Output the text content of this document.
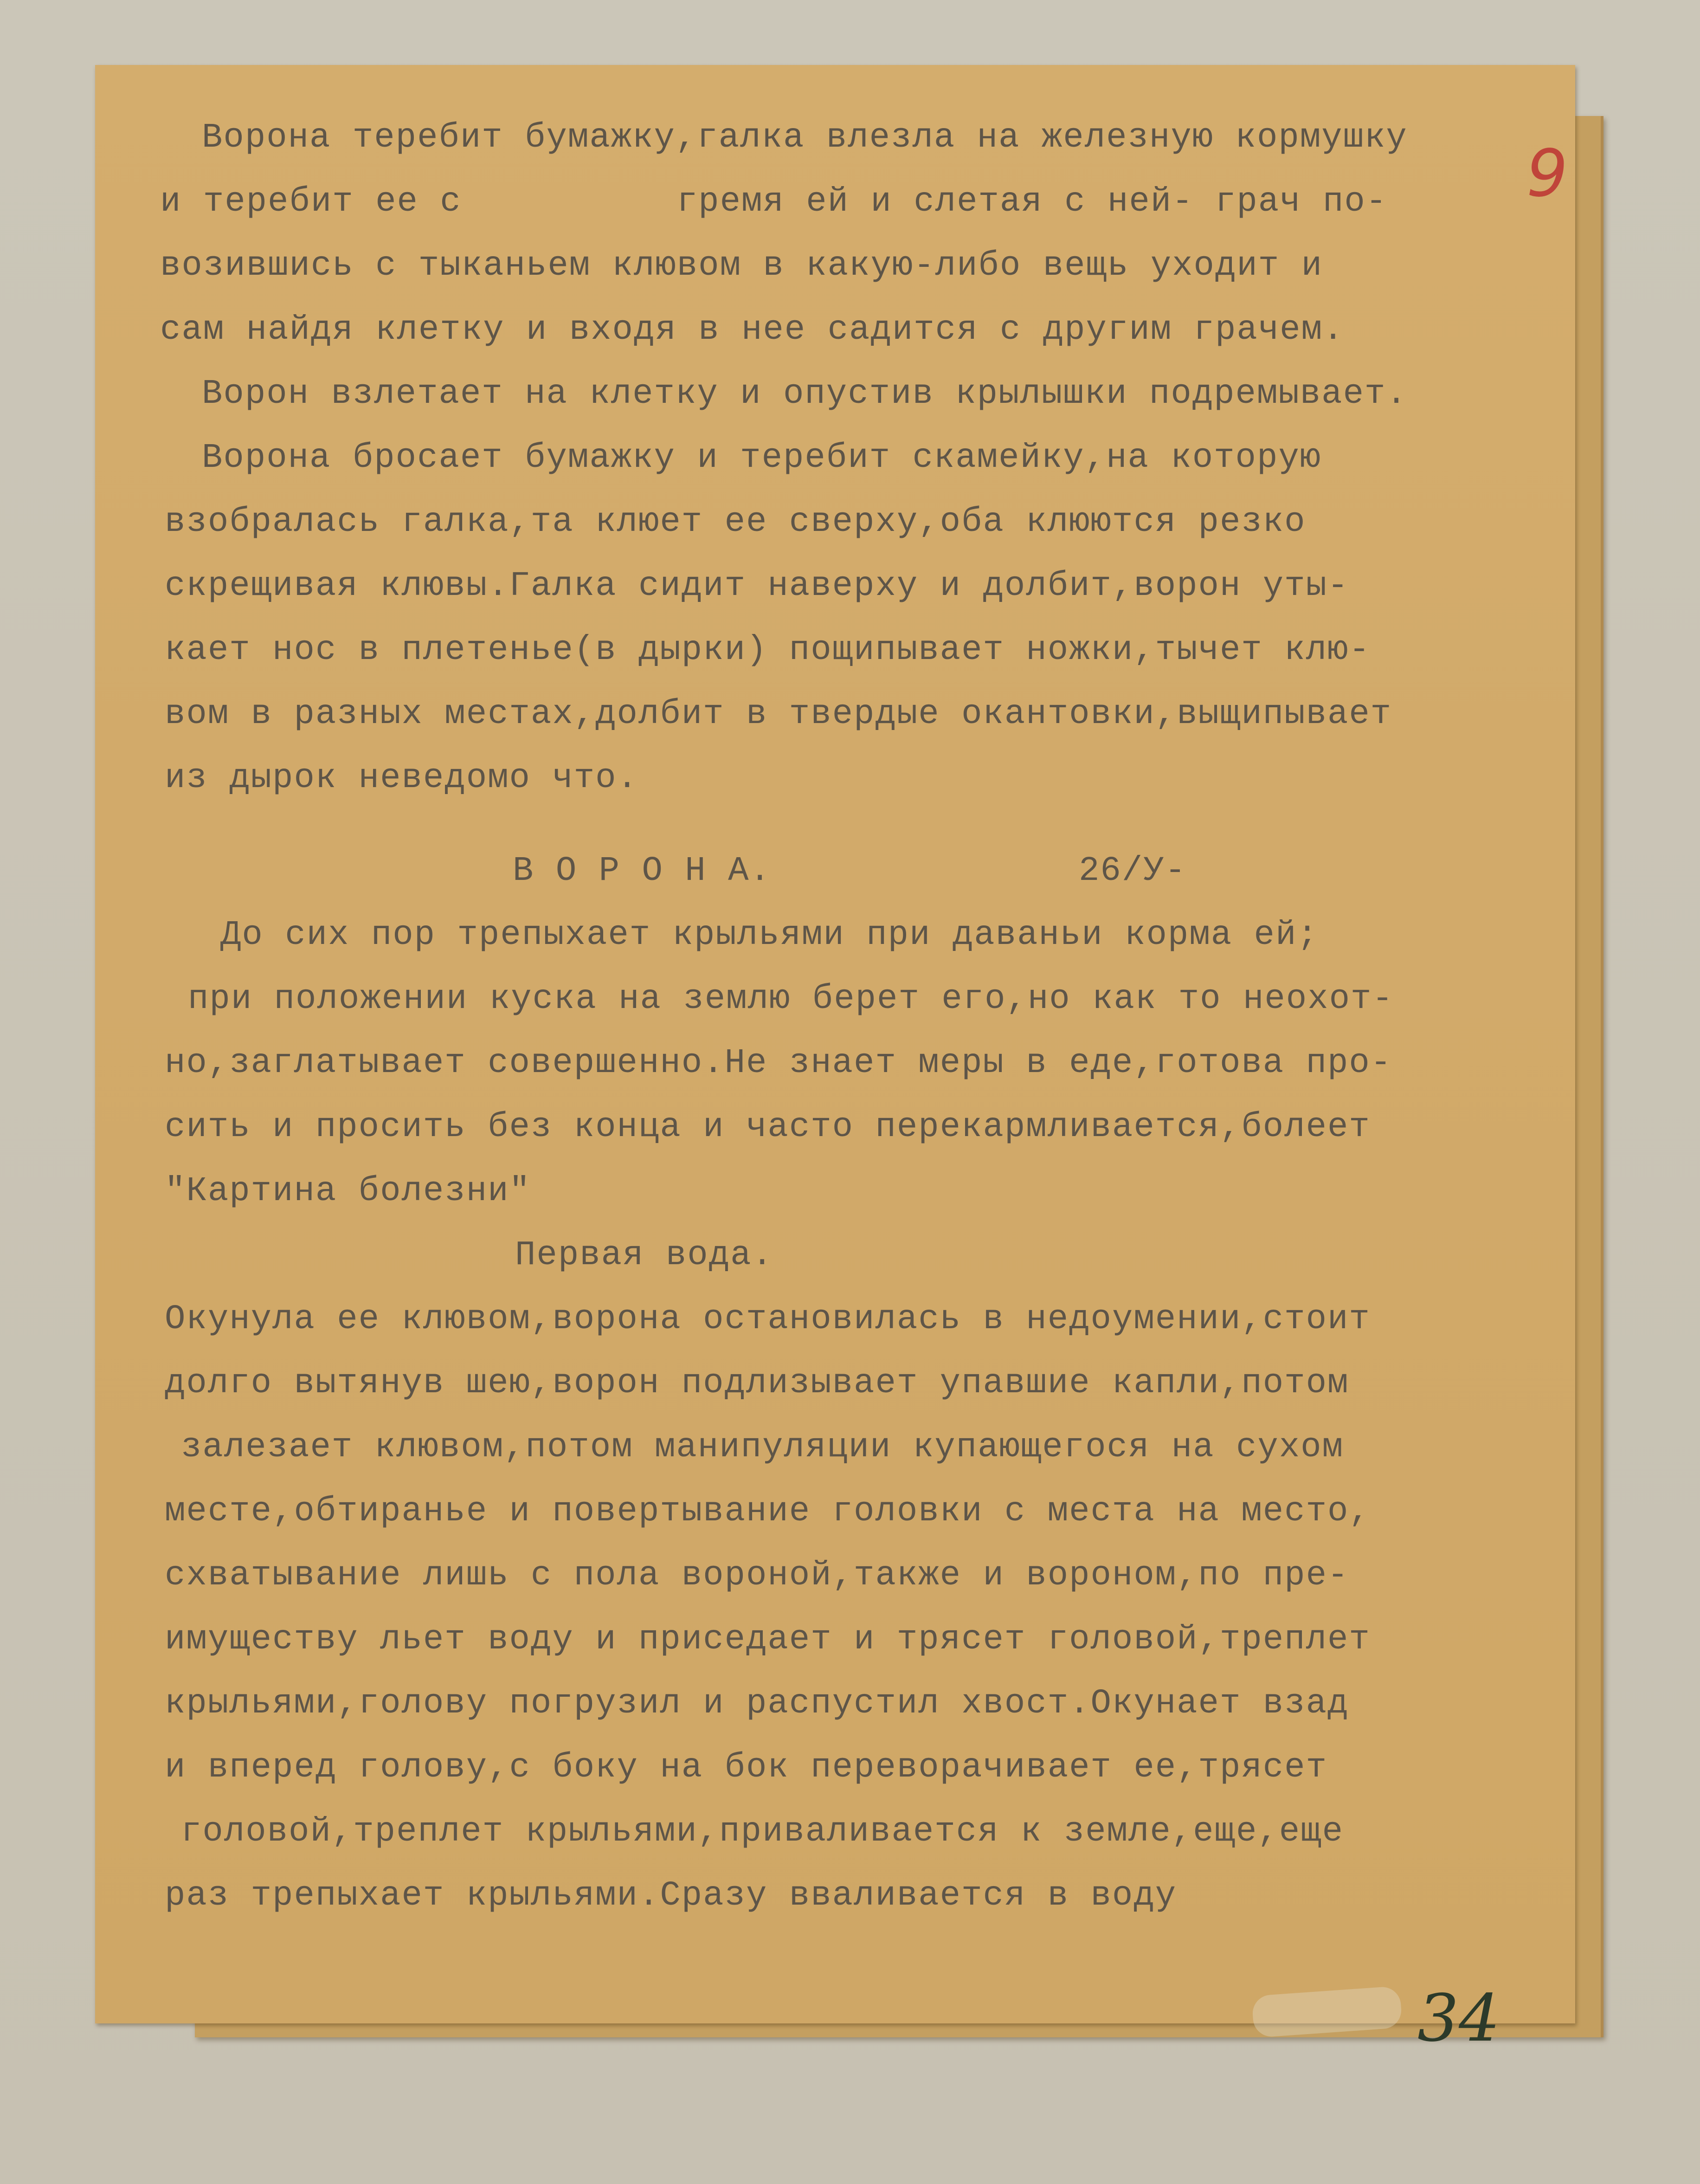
9
Ворона теребит бумажку,галка влезла на железную кормушку
и теребит ее с          гремя ей и слетая с ней- грач по-
возившись с тыканьем клювом в какую-либо вещь уходит и
сам найдя клетку и входя в нее садится с другим грачем.
Ворон взлетает на клетку и опустив крылышки подремывает.
Ворона бросает бумажку и теребит скамейку,на которую
взобралась галка,та клюет ее сверху,оба клюются резко
скрещивая клювы.Галка сидит наверху и долбит,ворон уты-
кает нос в плетенье(в дырки) пощипывает ножки,тычет клю-
вом в разных местах,долбит в твердые окантовки,выщипывает
из дырок неведомо что.
В О Р О Н А.	26/У-
До сих пор трепыхает крыльями при даваньи корма ей;
при положении куска на землю берет его,но как то неохот-
но,заглатывает совершенно.Не знает меры в еде,готова про-
сить и просить без конца и часто перекармливается,болеет
"Картина болезни"
Первая вода.
Окунула ее клювом,ворона остановилась в недоумении,стоит
долго вытянув шею,ворон подлизывает упавшие капли,потом
залезает клювом,потом манипуляции купающегося на сухом
месте,обтиранье и повертывание головки с места на место,
схватывание лишь с пола вороной,также и вороном,по пре-
имуществу льет воду и приседает и трясет головой,треплет
крыльями,голову погрузил и распустил хвост.Окунает взад
и вперед голову,с боку на бок переворачивает ее,трясет
головой,треплет крыльями,приваливается к земле,еще,еще
раз трепыхает крыльями.Сразу вваливается в воду
34
